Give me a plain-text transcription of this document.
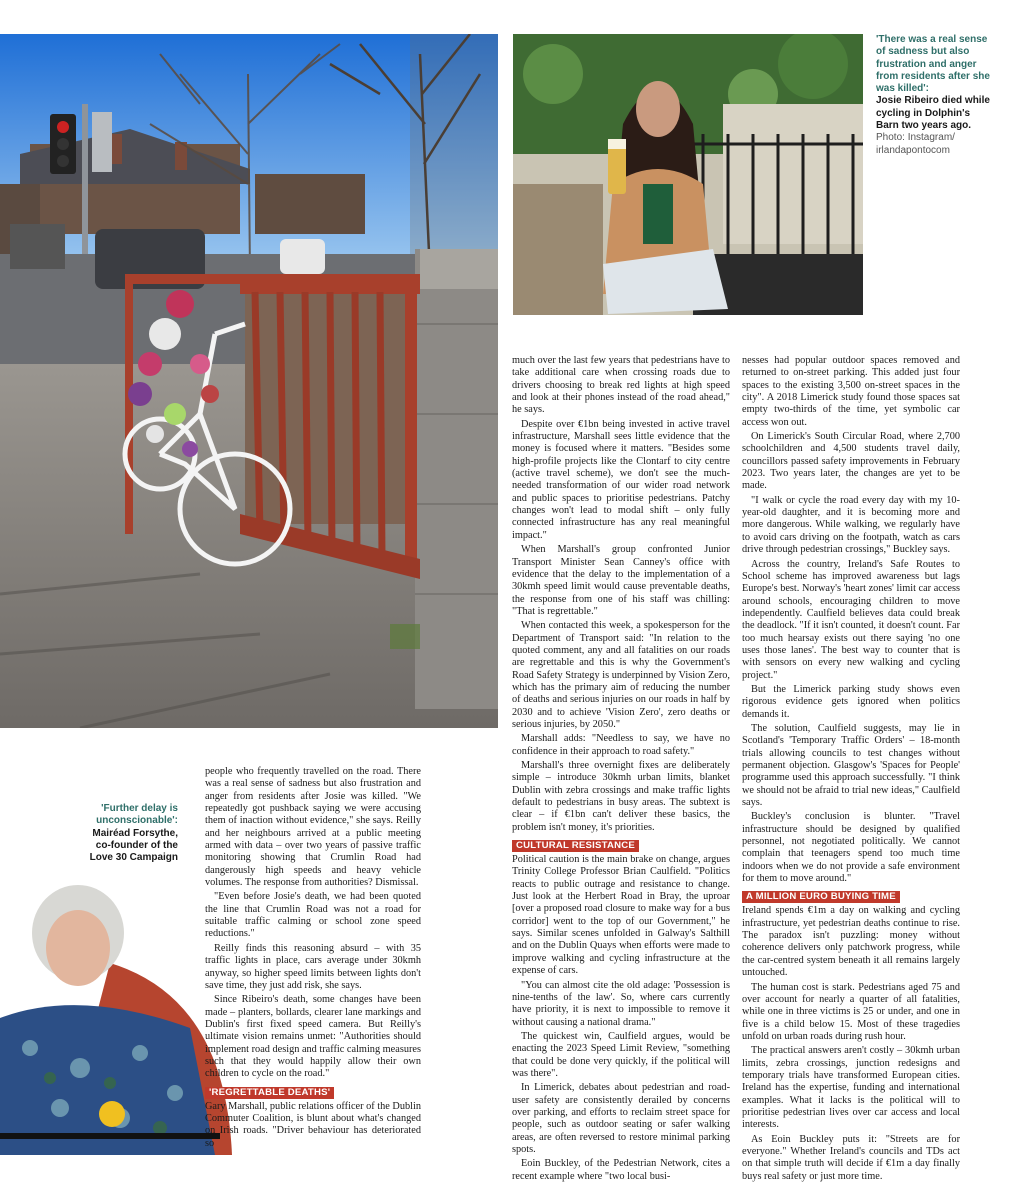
'There was a real sense of sadness but also frustration and anger from residents after she was killed':
Josie Ribeiro died while cycling in Dolphin's Barn two years ago.
Photo: Instagram/ irlandapontocom
'Further delay is unconscionable':
Mairéad Forsythe, co-founder of the Love 30 Campaign

people who frequently travelled on the road. There was a real sense of sadness but also frustration and anger from residents after Josie was killed. "We repeatedly got pushback saying we were accusing them of inaction without evidence," she says. Reilly and her neighbours arrived at a public meeting armed with data – over two years of passive traffic monitoring showing that Crumlin Road had dangerously high speeds and heavy vehicle volumes. The response from authorities? Dismissal.

"Even before Josie's death, we had been quoted the line that Crumlin Road was not a road for suitable traffic calming or school zone speed reductions."

Reilly finds this reasoning absurd – with 35 traffic lights in place, cars average under 30kmh anyway, so higher speed limits between lights don't save time, they just add risk, she says.

Since Ribeiro's death, some changes have been made – planters, bollards, clearer lane markings and Dublin's first fixed speed camera. But Reilly's ultimate vision remains unmet: "Authorities should implement road design and traffic calming measures such that they would happily allow their own children to cycle on the road."

'REGRETTABLE DEATHS'

Gary Marshall, public relations officer of the Dublin Commuter Coalition, is blunt about what's changed on Irish roads. "Driver behaviour has deteriorated so

much over the last few years that pedestrians have to take additional care when crossing roads due to drivers choosing to break red lights at high speed and look at their phones instead of the road ahead," he says.

Despite over €1bn being invested in active travel infrastructure, Marshall sees little evidence that the money is focused where it matters. "Besides some high-profile projects like the Clontarf to city centre (active travel scheme), we don't see the much-needed transformation of our wider road network and public spaces to prioritise pedestrians. Patchy changes won't lead to modal shift – only fully connected infrastructure has any real meaningful impact."

When Marshall's group confronted Junior Transport Minister Sean Canney's office with evidence that the delay to the implementation of a 30kmh speed limit would cause preventable deaths, the response from one of his staff was chilling: "That is regrettable."

When contacted this week, a spokesperson for the Department of Transport said: "In relation to the quoted comment, any and all fatalities on our roads are regrettable and this is why the Government's Road Safety Strategy is underpinned by Vision Zero, which has the primary aim of reducing the number of deaths and serious injuries on our roads in half by 2030 and to achieve 'Vision Zero', zero deaths or serious injuries, by 2050."

Marshall adds: "Needless to say, we have no confidence in their approach to road safety."

Marshall's three overnight fixes are deliberately simple – introduce 30kmh urban limits, blanket Dublin with zebra crossings and make traffic lights default to pedestrians in busy areas. The subtext is clear – if €1bn can't deliver these basics, the problem isn't money, it's priorities.

CULTURAL RESISTANCE

Political caution is the main brake on change, argues Trinity College Professor Brian Caulfield. "Politics reacts to public outrage and resistance to change. Just look at the Herbert Road in Bray, the uproar [over a proposed road closure to make way for a bus corridor] went to the top of our Government," he says. Similar scenes unfolded in Galway's Salthill and on the Dublin Quays when efforts were made to improve walking and cycling infrastructure at the expense of cars.

"You can almost cite the old adage: 'Possession is nine-tenths of the law'. So, where cars currently have priority, it is next to impossible to remove it without causing a national drama."

The quickest win, Caulfield argues, would be enacting the 2023 Speed Limit Review, "something that could be done very quickly, if the political will was there".

In Limerick, debates about pedestrian and road-user safety are consistently derailed by concerns over parking, and efforts to reclaim street space for people, such as outdoor seating or safer walking areas, are often reversed to restore minimal parking spots.

Eoin Buckley, of the Pedestrian Network, cites a recent example where "two local busi-

nesses had popular outdoor spaces removed and returned to on-street parking. This added just four spaces to the existing 3,500 on-street spaces in the city". A 2018 Limerick study found those spaces sat empty two-thirds of the time, yet symbolic car access won out.

On Limerick's South Circular Road, where 2,700 schoolchildren and 4,500 students travel daily, councillors passed safety improvements in February 2023. Two years later, the changes are yet to be made.

"I walk or cycle the road every day with my 10-year-old daughter, and it is becoming more and more dangerous. While walking, we regularly have to avoid cars driving on the footpath, watch as cars drive through pedestrian crossings," Buckley says.

Across the country, Ireland's Safe Routes to School scheme has improved awareness but lags Europe's best. Norway's 'heart zones' limit car access around schools, encouraging children to move independently. Caulfield believes data could break the deadlock. "If it isn't counted, it doesn't count. Far too much hearsay exists out there saying 'no one uses those lanes'. The best way to counter that is with sensors on every new walking and cycling project."

But the Limerick parking study shows even rigorous evidence gets ignored when politics demands it.

The solution, Caulfield suggests, may lie in Scotland's 'Temporary Traffic Orders' – 18-month trials allowing councils to test changes without permanent objection. Glasgow's 'Spaces for People' programme used this approach successfully. "I think we should not be afraid to trial new ideas," Caulfield says.

Buckley's conclusion is blunter. "Travel infrastructure should be designed by qualified personnel, not negotiated politically. We cannot complain that teenagers spend too much time indoors when we do not provide a safe environment for them to move around."

A MILLION EURO BUYING TIME

Ireland spends €1m a day on walking and cycling infrastructure, yet pedestrian deaths continue to rise. The paradox isn't puzzling: money without coherence delivers only patchwork progress, while the car-centred system beneath it all remains largely untouched.

The human cost is stark. Pedestrians aged 75 and over account for nearly a quarter of all fatalities, while one in three victims is 25 or under, and one in five is a child below 15. Most of these tragedies unfold on urban roads during rush hour.

The practical answers aren't costly – 30kmh urban limits, zebra crossings, junction redesigns and temporary trials have transformed European cities. Ireland has the expertise, funding and international examples. What it lacks is the political will to prioritise pedestrian lives over car access and local interests.

As Eoin Buckley puts it: "Streets are for everyone." Whether Ireland's councils and TDs act on that simple truth will decide if €1m a day finally buys real safety or just more time.
